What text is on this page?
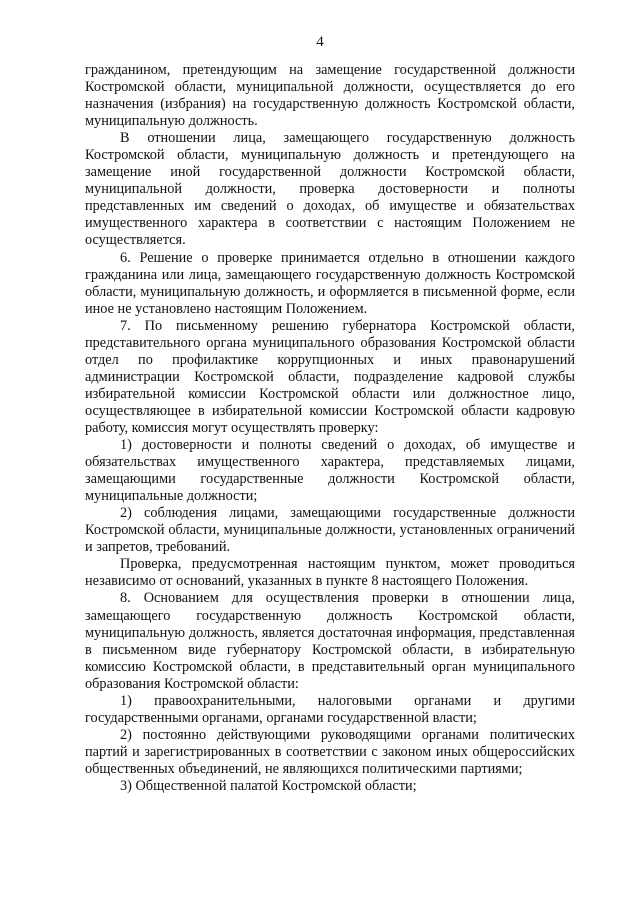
4

гражданином, претендующим на замещение государственной должности Костромской области, муниципальной должности, осуществляется до его назначения (избрания) на государственную должность Костромской области, муниципальную должность.

В отношении лица, замещающего государственную должность Костромской области, муниципальную должность и претендующего на замещение иной государственной должности Костромской области, муниципальной должности, проверка достоверности и полноты представленных им сведений о доходах, об имуществе и обязательствах имущественного характера в соответствии с настоящим Положением не осуществляется.

6. Решение о проверке принимается отдельно в отношении каждого гражданина или лица, замещающего государственную должность Костромской области, муниципальную должность, и оформляется в письменной форме, если иное не установлено настоящим Положением.

7. По письменному решению губернатора Костромской области, представительного органа муниципального образования Костромской области отдел по профилактике коррупционных и иных правонарушений администрации Костромской области, подразделение кадровой службы избирательной комиссии Костромской области или должностное лицо, осуществляющее в избирательной комиссии Костромской области кадровую работу, комиссия могут осуществлять проверку:

1) достоверности и полноты сведений о доходах, об имуществе и обязательствах имущественного характера, представляемых лицами, замещающими государственные должности Костромской области, муниципальные должности;

2) соблюдения лицами, замещающими государственные должности Костромской области, муниципальные должности, установленных ограничений и запретов, требований.

Проверка, предусмотренная настоящим пунктом, может проводиться независимо от оснований, указанных в пункте 8 настоящего Положения.

8. Основанием для осуществления проверки в отношении лица, замещающего государственную должность Костромской области, муниципальную должность, является достаточная информация, представленная в письменном виде губернатору Костромской области, в избирательную комиссию Костромской области, в представительный орган муниципального образования Костромской области:

1) правоохранительными, налоговыми органами и другими государственными органами, органами государственной власти;

2) постоянно действующими руководящими органами политических партий и зарегистрированных в соответствии с законом иных общероссийских общественных объединений, не являющихся политическими партиями;

3) Общественной палатой Костромской области;
